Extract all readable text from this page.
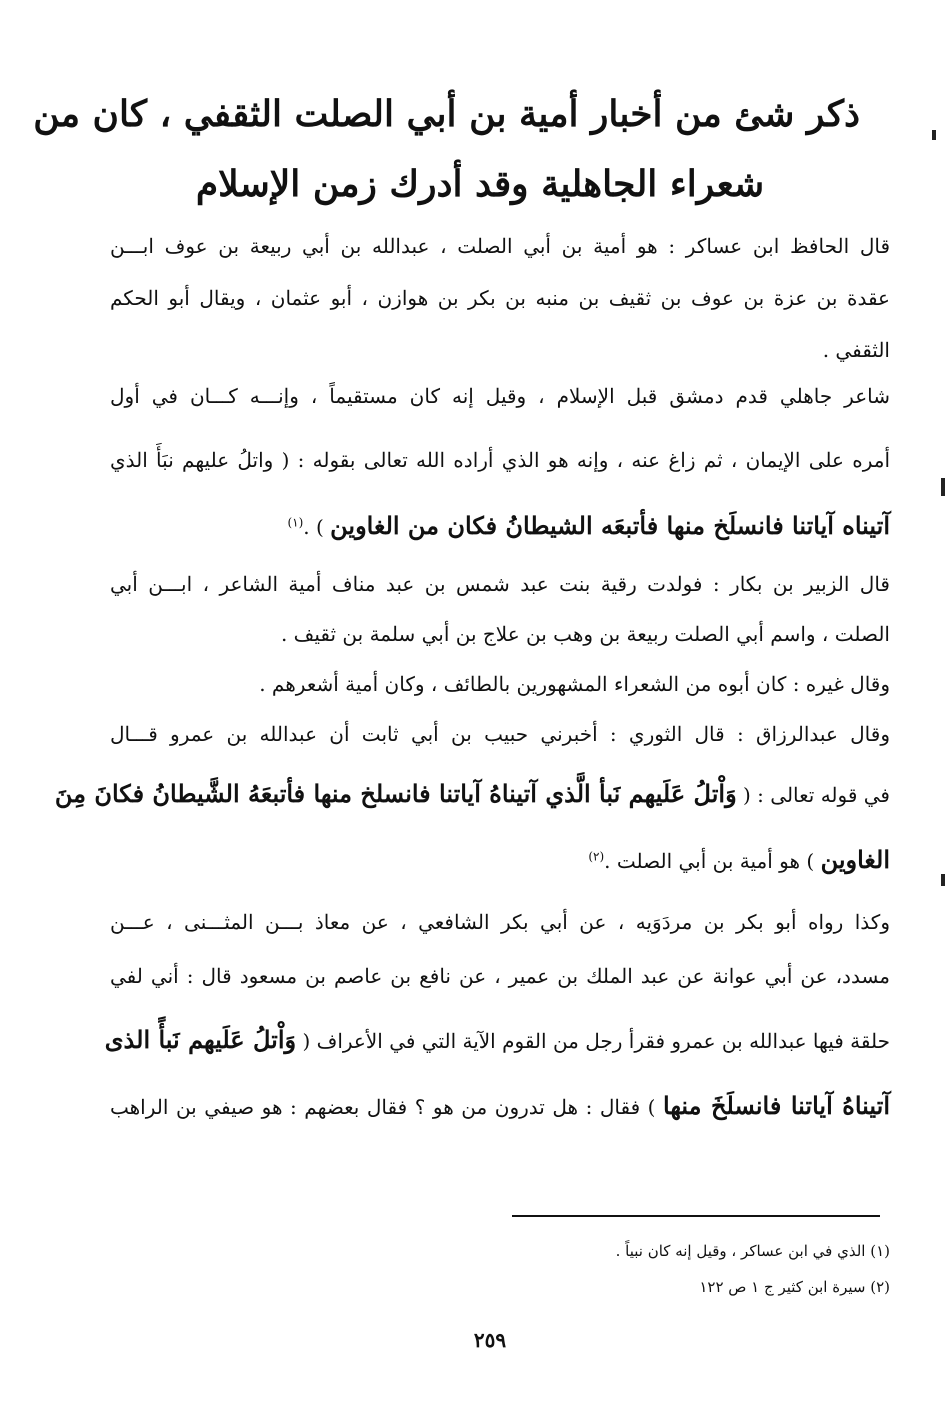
ذكر شئ من أخبار أمية بن أبي الصلت الثقفي ، كان من
شعراء الجاهلية وقد أدرك زمن الإسلام
قال الحافظ ابن عساكر : هو أمية بن أبي الصلت ، عبدالله بن أبي ربيعة بن عوف ابـــن
عقدة بن عزة بن عوف بن ثقيف بن منبه بن بكر بن هوازن ، أبو عثمان ، ويقال أبو الحكم
الثقفي .
شاعر جاهلي قدم دمشق قبل الإسلام ، وقيل إنه كان مستقيماً ، وإنـــه كـــان في أول
أمره على الإيمان ، ثم زاغ عنه ، وإنه هو الذي أراده الله تعالى بقوله : ( واتلُ عليهم نبَأَ الذي
آتيناه آياتنا فانسلَخ منها فأتبعَه الشيطانُ فكان من الغاوين ) .$^{(١)}$
قال الزبير بن بكار : فولدت رقية بنت عبد شمس بن عبد مناف أمية الشاعر ، ابـــن أبي
الصلت ، واسم أبي الصلت ربيعة بن وهب بن علاج بن أبي سلمة بن ثقيف .
وقال غيره : كان أبوه من الشعراء المشهورين بالطائف ، وكان أمية أشعرهم .
وقال عبدالرزاق : قال الثوري : أخبرني حبيب بن أبي ثابت أن عبدالله بن عمرو قـــال
في قوله تعالى : ( وَاْتلُ عَلَيهم نَبأ الَّذي آتيناهُ آياتنا فانسلخ منها فأتبعَهُ الشَّيطانُ فكانَ مِنَ
الغاوين ) هو أمية بن أبي الصلت .$^{(٢)}$
وكذا رواه أبو بكر بن مردَوَيه ، عن أبي بكر الشافعي ، عن معاذ بـــن المثـــنى ، عـــن
مسدد، عن أبي عوانة عن عبد الملك بن عمير ، عن نافع بن عاصم بن مسعود قال : أني لفي
حلقة فيها عبدالله بن عمرو فقرأ رجل من القوم الآية التي في الأعراف ( وَاْتلُ عَلَيهم نَبأً الذى
آتيناهُ آياتنا فانسلَخَ منها ) فقال : هل تدرون من هو ؟ فقال بعضهم : هو صيفي بن الراهب
(١) الذي في ابن عساكر ، وقيل إنه كان نبياً .
(٢) سيرة ابن كثير ج ١ ص ١٢٢
٢٥٩
